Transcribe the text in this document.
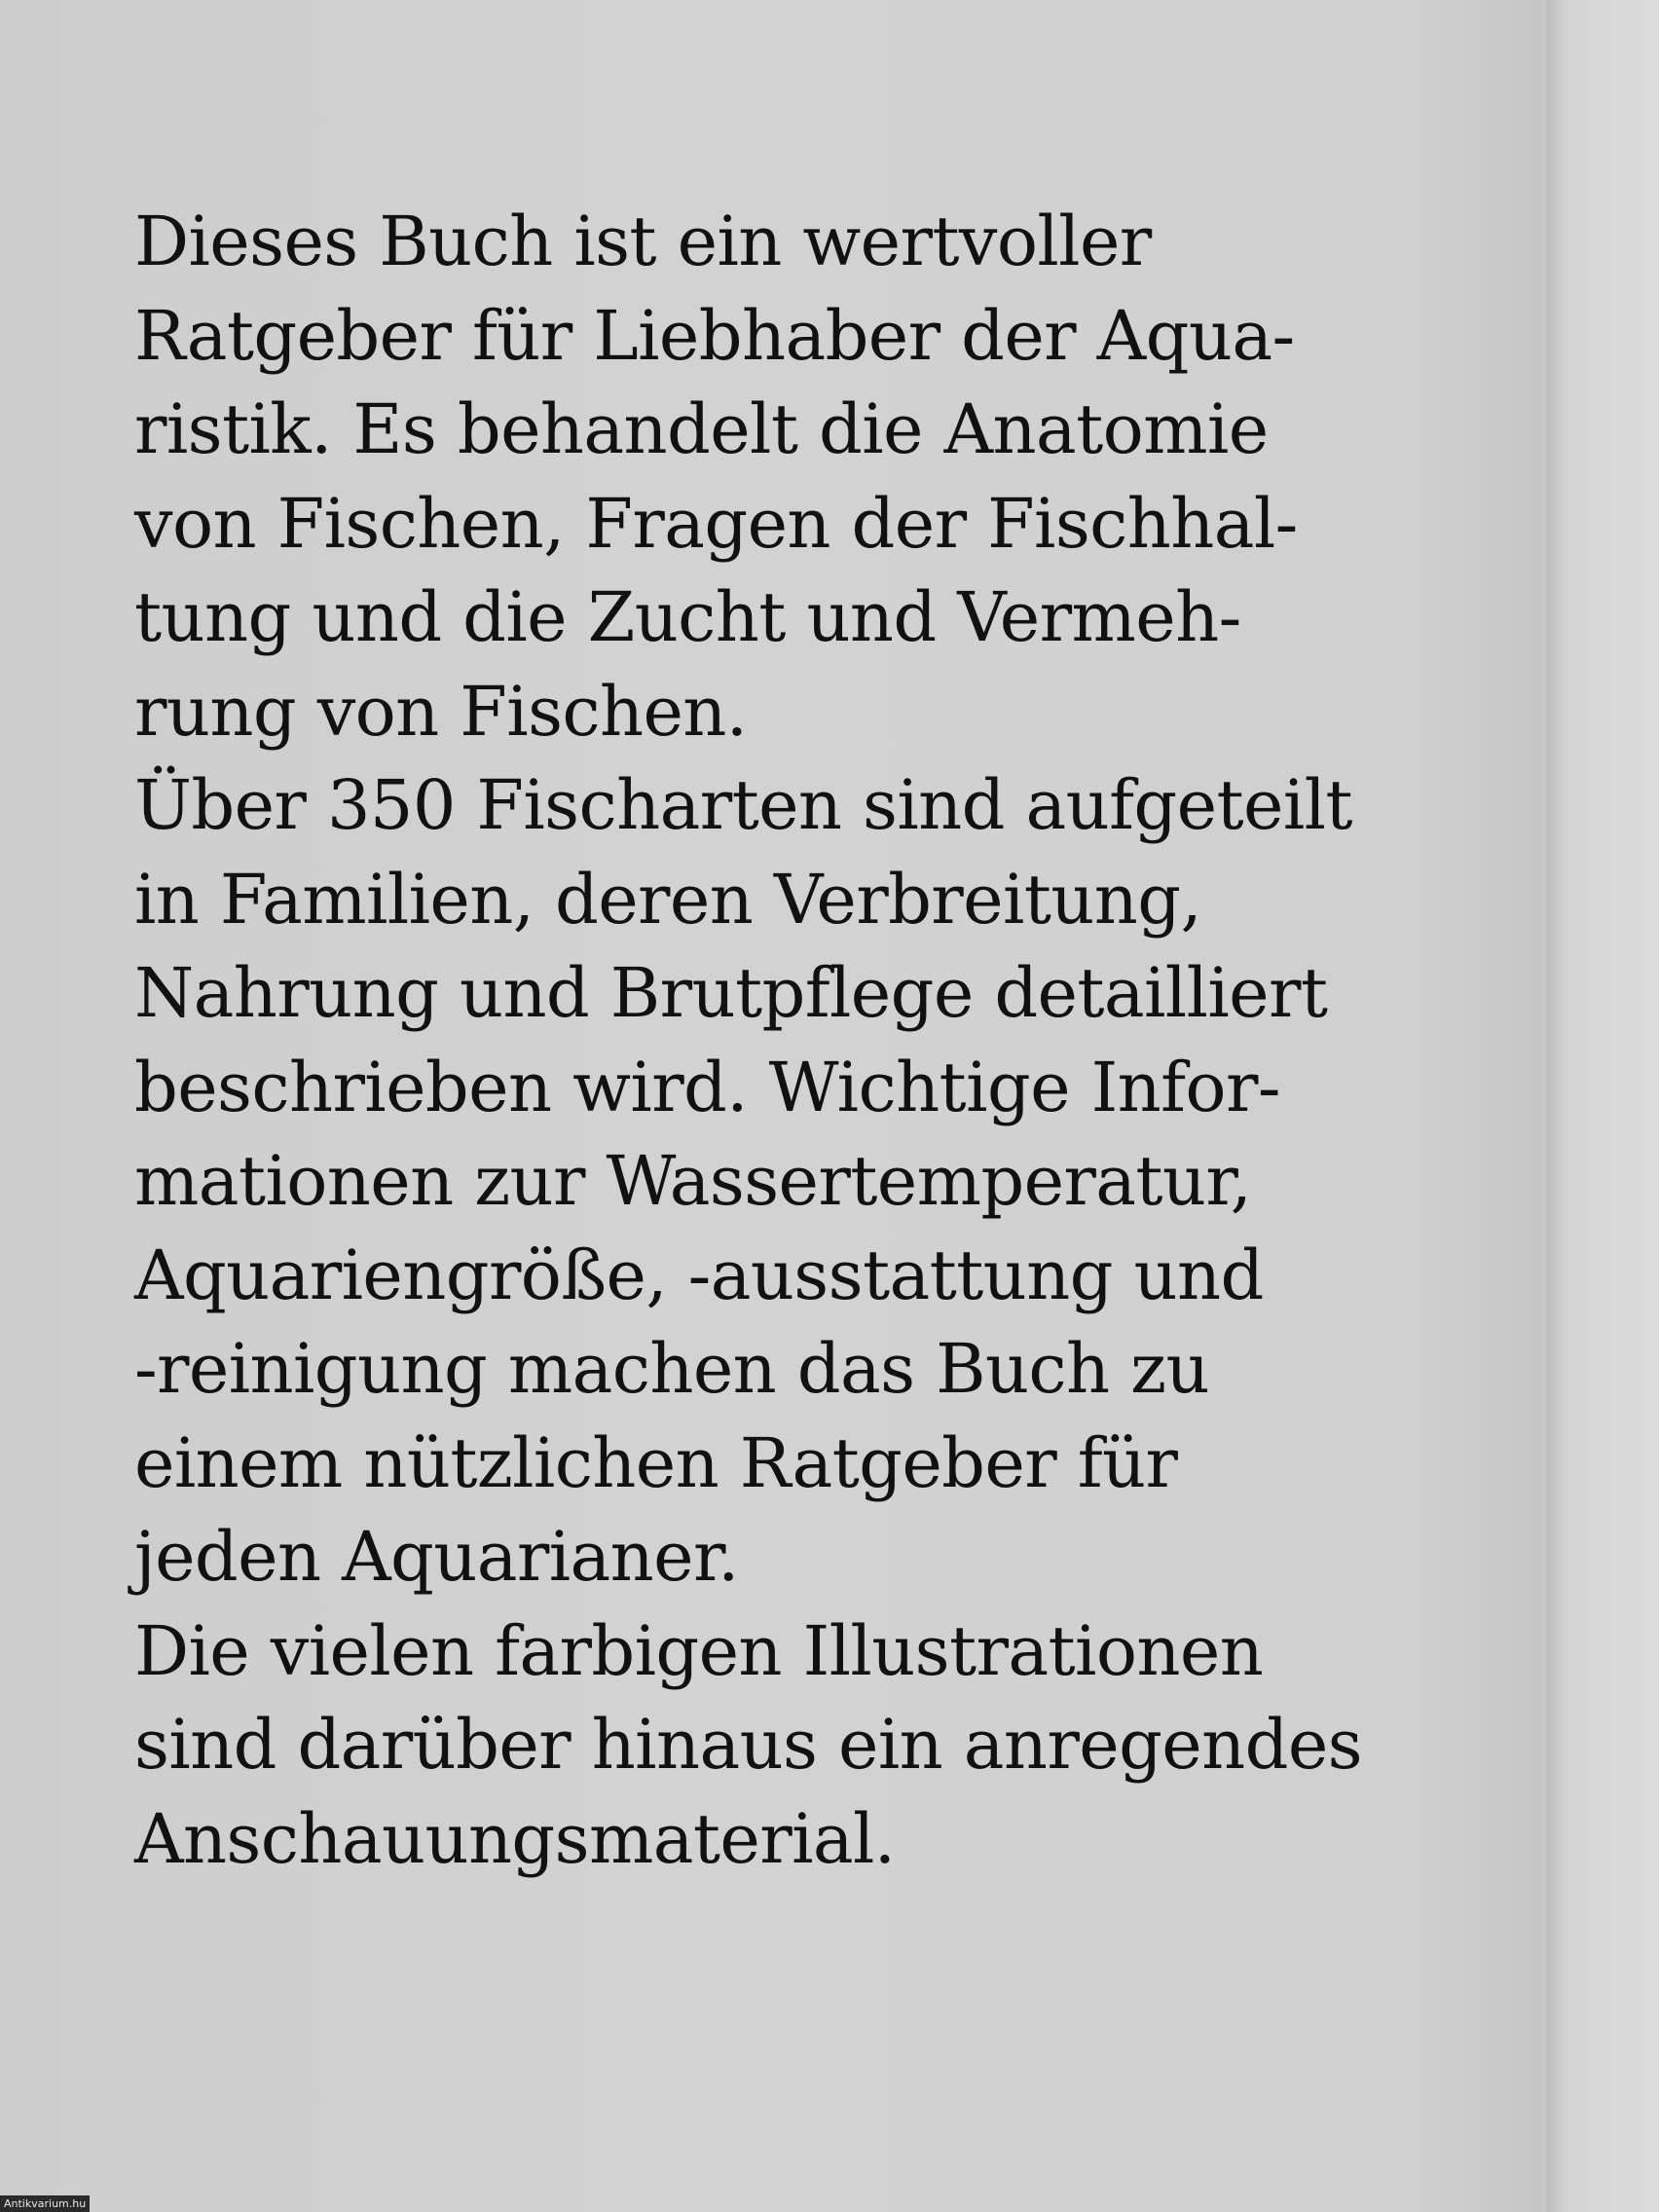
Dieses Buch ist ein wertvoller
Ratgeber für Liebhaber der Aqua-
ristik. Es behandelt die Anatomie
von Fischen, Fragen der Fischhal-
tung und die Zucht und Vermeh-
rung von Fischen.
Über 350 Fischarten sind aufgeteilt
in Familien, deren Verbreitung,
Nahrung und Brutpflege detailliert
beschrieben wird. Wichtige Infor-
mationen zur Wassertemperatur,
Aquariengröße, -ausstattung und
-reinigung machen das Buch zu
einem nützlichen Ratgeber für
jeden Aquarianer.
Die vielen farbigen Illustrationen
sind darüber hinaus ein anregendes
Anschauungsmaterial.
Antikvarium.hu
